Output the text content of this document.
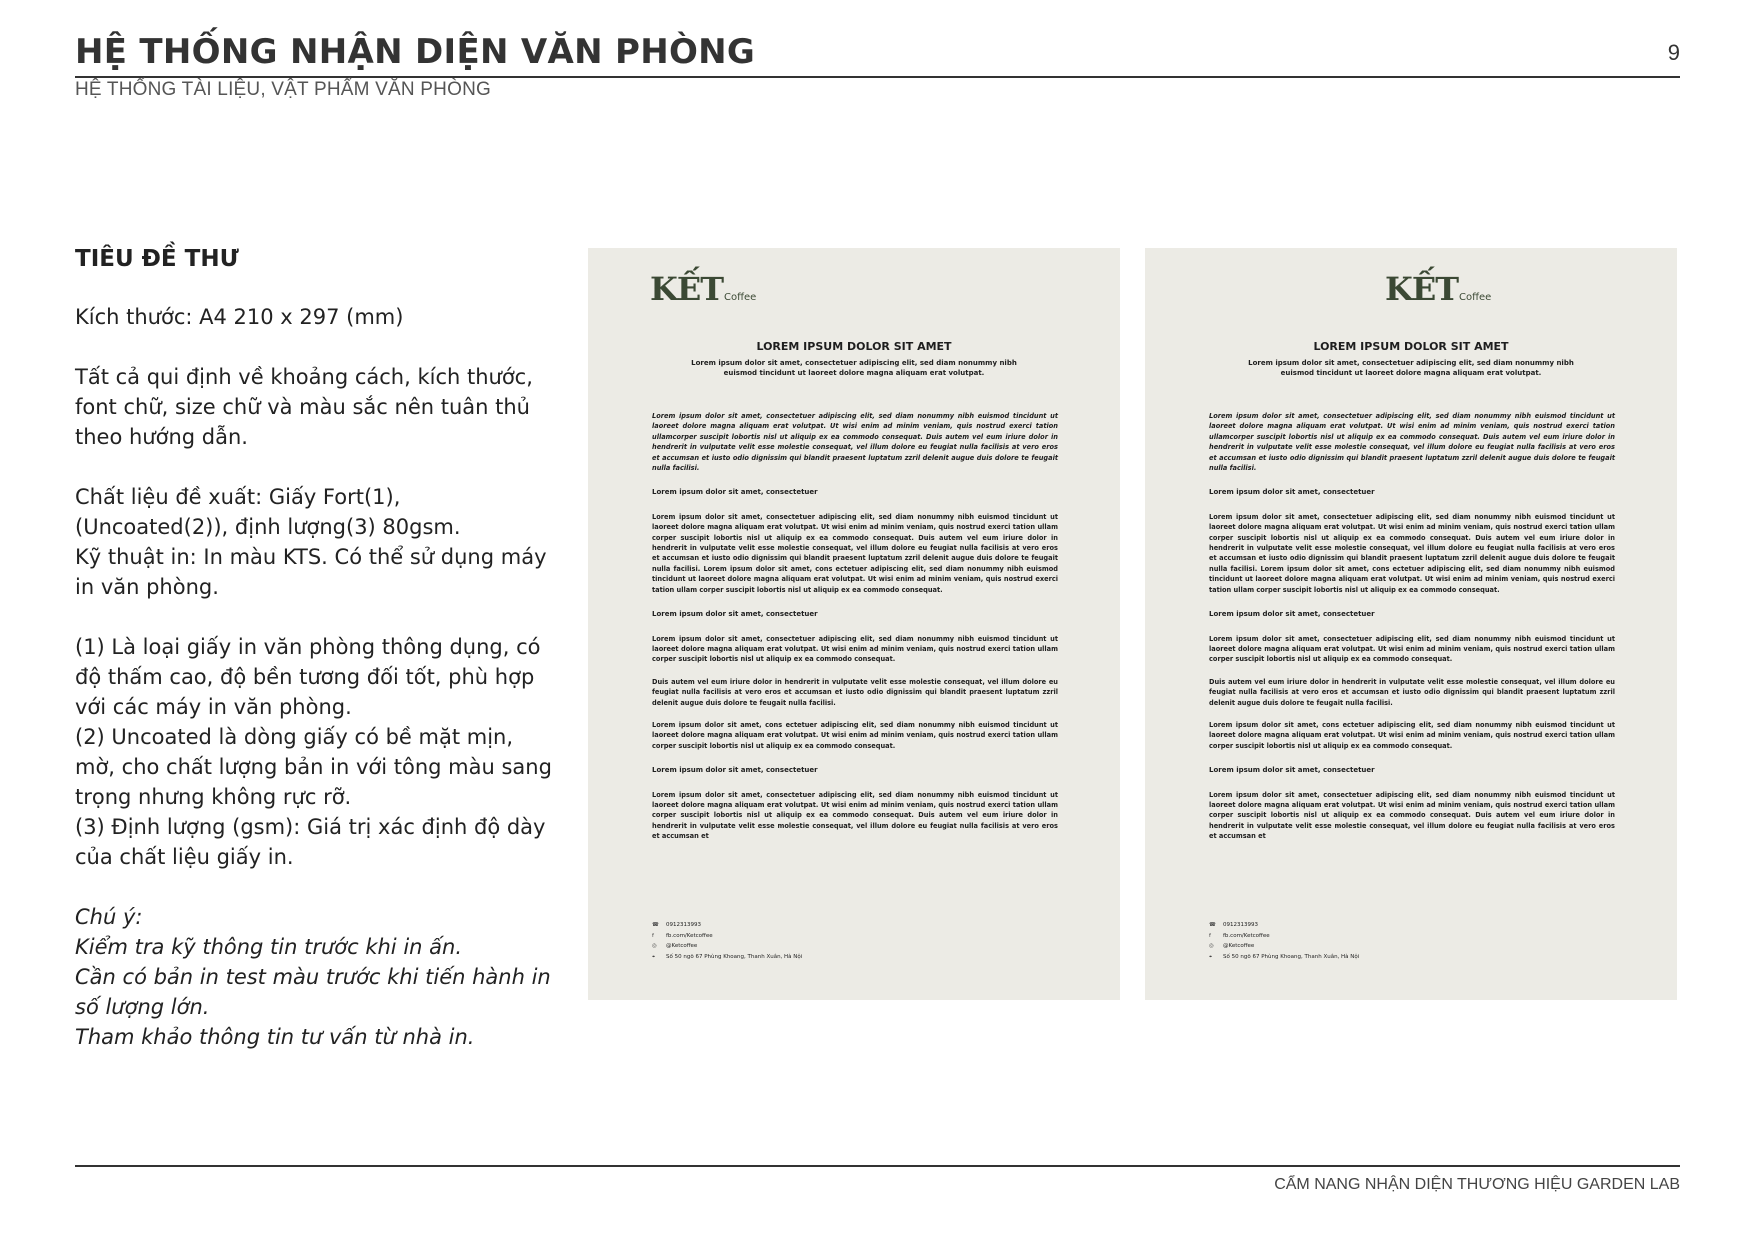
HỆ THỐNG NHẬN DIỆN VĂN PHÒNG	9
HỆ THỐNG TÀI LIỆU, VẬT PHẨM VĂN PHÒNG
TIÊU ĐỀ THƯ

Kích thước: A4 210 x 297 (mm)

Tất cả qui định về khoảng cách, kích thước, font chữ, size chữ và màu sắc nên tuân thủ theo hướng dẫn.

Chất liệu đề xuất: Giấy Fort(1), (Uncoated(2)), định lượng(3) 80gsm.
Kỹ thuật in: In màu KTS. Có thể sử dụng máy in văn phòng.

(1) Là loại giấy in văn phòng thông dụng, có độ thấm cao, độ bền tương đối tốt, phù hợp với các máy in văn phòng.
(2) Uncoated là dòng giấy có bề mặt mịn, mờ, cho chất lượng bản in với tông màu sang trọng nhưng không rực rỡ.
(3) Định lượng (gsm): Giá trị xác định độ dày của chất liệu giấy in.

Chú ý:
Kiểm tra kỹ thông tin trước khi in ấn.
Cần có bản in test màu trước khi tiến hành in số lượng lớn.
Tham khảo thông tin tư vấn từ nhà in.

KẾTCoffee
LOREM IPSUM DOLOR SIT AMET
Lorem ipsum dolor sit amet, consectetuer adipiscing elit, sed diam nonummy nibh euismod tincidunt ut laoreet dolore magna aliquam erat volutpat.
Lorem ipsum dolor sit amet, consectetuer adipiscing elit, sed diam nonummy nibh euismod tincidunt ut laoreet dolore magna aliquam erat volutpat. Ut wisi enim ad minim veniam, quis nostrud exerci tation ullamcorper suscipit lobortis nisl ut aliquip ex ea commodo consequat. Duis autem vel eum iriure dolor in hendrerit in vulputate velit esse molestie consequat, vel illum dolore eu feugiat nulla facilisis at vero eros et accumsan et iusto odio dignissim qui blandit praesent luptatum zzril delenit augue duis dolore te feugait nulla facilisi.
Lorem ipsum dolor sit amet, consectetuer
Lorem ipsum dolor sit amet, consectetuer adipiscing elit, sed diam nonummy nibh euismod tincidunt ut laoreet dolore magna aliquam erat volutpat. Ut wisi enim ad minim veniam, quis nostrud exerci tation ullam corper suscipit lobortis nisl ut aliquip ex ea commodo consequat. Duis autem vel eum iriure dolor in hendrerit in vulputate velit esse molestie consequat, vel illum dolore eu feugiat nulla facilisis at vero eros et accumsan et iusto odio dignissim qui blandit praesent luptatum zzril delenit augue duis dolore te feugait nulla facilisi. Lorem ipsum dolor sit amet, cons ectetuer adipiscing elit, sed diam nonummy nibh euismod tincidunt ut laoreet dolore magna aliquam erat volutpat. Ut wisi enim ad minim veniam, quis nostrud exerci tation ullam corper suscipit lobortis nisl ut aliquip ex ea commodo consequat.
Lorem ipsum dolor sit amet, consectetuer
Lorem ipsum dolor sit amet, consectetuer adipiscing elit, sed diam nonummy nibh euismod tincidunt ut laoreet dolore magna aliquam erat volutpat. Ut wisi enim ad minim veniam, quis nostrud exerci tation ullam corper suscipit lobortis nisl ut aliquip ex ea commodo consequat.
Duis autem vel eum iriure dolor in hendrerit in vulputate velit esse molestie consequat, vel illum dolore eu feugiat nulla facilisis at vero eros et accumsan et iusto odio dignissim qui blandit praesent luptatum zzril delenit augue duis dolore te feugait nulla facilisi.
Lorem ipsum dolor sit amet, cons ectetuer adipiscing elit, sed diam nonummy nibh euismod tincidunt ut laoreet dolore magna aliquam erat volutpat. Ut wisi enim ad minim veniam, quis nostrud exerci tation ullam corper suscipit lobortis nisl ut aliquip ex ea commodo consequat.
Lorem ipsum dolor sit amet, consectetuer
Lorem ipsum dolor sit amet, consectetuer adipiscing elit, sed diam nonummy nibh euismod tincidunt ut laoreet dolore magna aliquam erat volutpat. Ut wisi enim ad minim veniam, quis nostrud exerci tation ullam corper suscipit lobortis nisl ut aliquip ex ea commodo consequat. Duis autem vel eum iriure dolor in hendrerit in vulputate velit esse molestie consequat, vel illum dolore eu feugiat nulla facilisis at vero eros et accumsan et
☎ 0912313993
f fb.com/Ketcoffee
◎ @Ketcoffee
⌖ Số 50 ngõ 67 Phùng Khoang, Thanh Xuân, Hà Nội
KẾTCoffee
LOREM IPSUM DOLOR SIT AMET
Lorem ipsum dolor sit amet, consectetuer adipiscing elit, sed diam nonummy nibh euismod tincidunt ut laoreet dolore magna aliquam erat volutpat.
Lorem ipsum dolor sit amet, consectetuer adipiscing elit, sed diam nonummy nibh euismod tincidunt ut laoreet dolore magna aliquam erat volutpat. Ut wisi enim ad minim veniam, quis nostrud exerci tation ullamcorper suscipit lobortis nisl ut aliquip ex ea commodo consequat. Duis autem vel eum iriure dolor in hendrerit in vulputate velit esse molestie consequat, vel illum dolore eu feugiat nulla facilisis at vero eros et accumsan et iusto odio dignissim qui blandit praesent luptatum zzril delenit augue duis dolore te feugait nulla facilisi.
Lorem ipsum dolor sit amet, consectetuer
Lorem ipsum dolor sit amet, consectetuer adipiscing elit, sed diam nonummy nibh euismod tincidunt ut laoreet dolore magna aliquam erat volutpat. Ut wisi enim ad minim veniam, quis nostrud exerci tation ullam corper suscipit lobortis nisl ut aliquip ex ea commodo consequat. Duis autem vel eum iriure dolor in hendrerit in vulputate velit esse molestie consequat, vel illum dolore eu feugiat nulla facilisis at vero eros et accumsan et iusto odio dignissim qui blandit praesent luptatum zzril delenit augue duis dolore te feugait nulla facilisi. Lorem ipsum dolor sit amet, cons ectetuer adipiscing elit, sed diam nonummy nibh euismod tincidunt ut laoreet dolore magna aliquam erat volutpat. Ut wisi enim ad minim veniam, quis nostrud exerci tation ullam corper suscipit lobortis nisl ut aliquip ex ea commodo consequat.
Lorem ipsum dolor sit amet, consectetuer
Lorem ipsum dolor sit amet, consectetuer adipiscing elit, sed diam nonummy nibh euismod tincidunt ut laoreet dolore magna aliquam erat volutpat. Ut wisi enim ad minim veniam, quis nostrud exerci tation ullam corper suscipit lobortis nisl ut aliquip ex ea commodo consequat.
Duis autem vel eum iriure dolor in hendrerit in vulputate velit esse molestie consequat, vel illum dolore eu feugiat nulla facilisis at vero eros et accumsan et iusto odio dignissim qui blandit praesent luptatum zzril delenit augue duis dolore te feugait nulla facilisi.
Lorem ipsum dolor sit amet, cons ectetuer adipiscing elit, sed diam nonummy nibh euismod tincidunt ut laoreet dolore magna aliquam erat volutpat. Ut wisi enim ad minim veniam, quis nostrud exerci tation ullam corper suscipit lobortis nisl ut aliquip ex ea commodo consequat.
Lorem ipsum dolor sit amet, consectetuer
Lorem ipsum dolor sit amet, consectetuer adipiscing elit, sed diam nonummy nibh euismod tincidunt ut laoreet dolore magna aliquam erat volutpat. Ut wisi enim ad minim veniam, quis nostrud exerci tation ullam corper suscipit lobortis nisl ut aliquip ex ea commodo consequat. Duis autem vel eum iriure dolor in hendrerit in vulputate velit esse molestie consequat, vel illum dolore eu feugiat nulla facilisis at vero eros et accumsan et
☎ 0912313993
f fb.com/Ketcoffee
◎ @Ketcoffee
⌖ Số 50 ngõ 67 Phùng Khoang, Thanh Xuân, Hà Nội
CẨM NANG NHẬN DIỆN THƯƠNG HIỆU GARDEN LAB
